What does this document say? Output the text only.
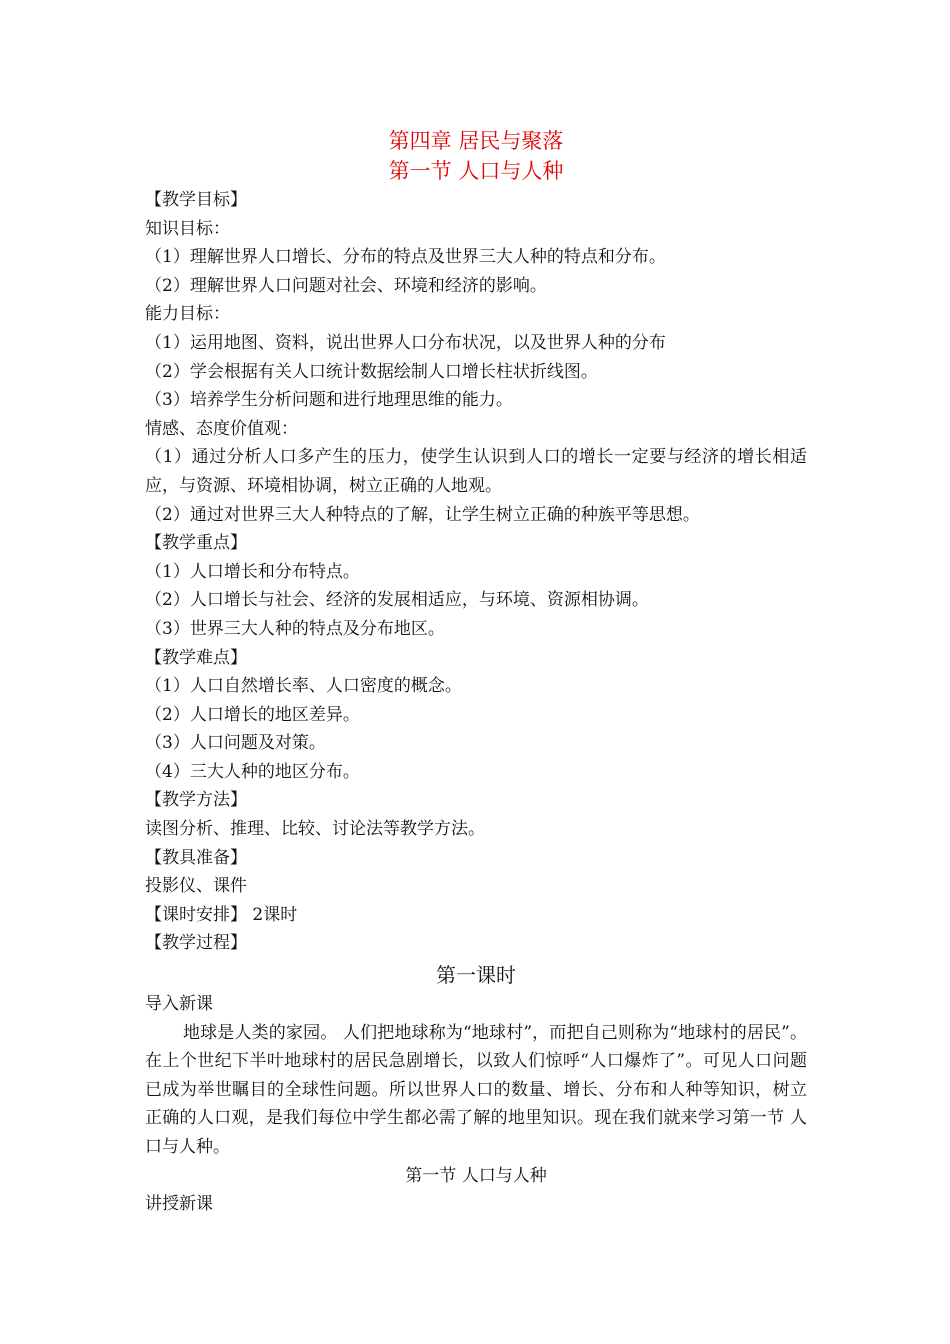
第四章 居民与聚落
第一节 人口与人种
【教学目标】
知识目标：
（1）理解世界人口增长、分布的特点及世界三大人种的特点和分布。
（2）理解世界人口问题对社会、环境和经济的影响。
能力目标：
（1）运用地图、资料，说出世界人口分布状况，以及世界人种的分布
（2）学会根据有关人口统计数据绘制人口增长柱状折线图。
（3）培养学生分析问题和进行地理思维的能力。
情感、态度价值观：
（1）通过分析人口多产生的压力，使学生认识到人口的增长一定要与经济的增长相适应，与资源、环境相协调，树立正确的人地观。
（2）通过对世界三大人种特点的了解，让学生树立正确的种族平等思想。
【教学重点】
（1）人口增长和分布特点。
（2）人口增长与社会、经济的发展相适应，与环境、资源相协调。
（3）世界三大人种的特点及分布地区。
【教学难点】
（1）人口自然增长率、人口密度的概念。
（2）人口增长的地区差异。
（3）人口问题及对策。
（4）三大人种的地区分布。
【教学方法】
读图分析、推理、比较、讨论法等教学方法。
【教具准备】
投影仪、课件
【课时安排】 2课时
【教学过程】
第一课时
导入新课
地球是人类的家园。 人们把地球称为“地球村”，而把自己则称为“地球村的居民”。在上个世纪下半叶地球村的居民急剧增长，以致人们惊呼“人口爆炸了”。可见人口问题已成为举世瞩目的全球性问题。所以世界人口的数量、增长、分布和人种等知识，树立正确的人口观，是我们每位中学生都必需了解的地里知识。现在我们就来学习第一节 人口与人种。
第一节 人口与人种
讲授新课
